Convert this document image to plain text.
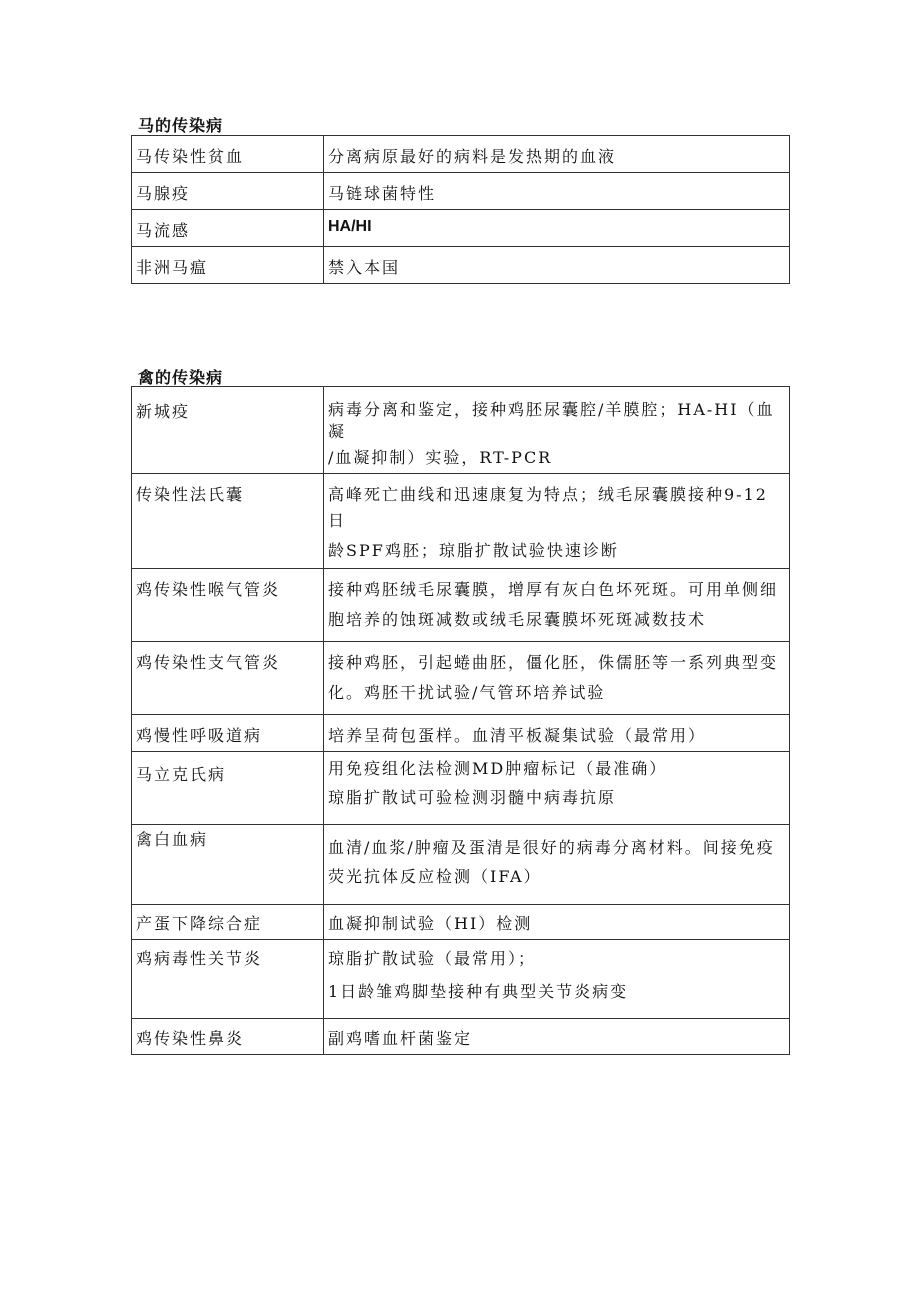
马的传染病
马传染性贫血	分离病原最好的病料是发热期的血液
马腺疫	马链球菌特性
马流感	HA/HI
非洲马瘟	禁入本国
禽的传染病
新城疫	病毒分离和鉴定，接种鸡胚尿囊腔/羊膜腔；HA-HI（血凝
/血凝抑制）实验，RT-PCR

传染性法氏囊	高峰死亡曲线和迅速康复为特点；绒毛尿囊膜接种9-12日
龄SPF鸡胚；琼脂扩散试验快速诊断

鸡传染性喉气管炎	接种鸡胚绒毛尿囊膜，增厚有灰白色坏死斑。可用单侧细
胞培养的蚀斑减数或绒毛尿囊膜坏死斑减数技术

鸡传染性支气管炎	接种鸡胚，引起蜷曲胚，僵化胚，侏儒胚等一系列典型变
化。鸡胚干扰试验/气管环培养试验

鸡慢性呼吸道病	培养呈荷包蛋样。血清平板凝集试验（最常用）
马立克氏病	用免疫组化法检测MD肿瘤标记（最准确）
琼脂扩散试可验检测羽髓中病毒抗原

禽白血病	血清/血浆/肿瘤及蛋清是很好的病毒分离材料。间接免疫
荧光抗体反应检测（IFA）

产蛋下降综合症	血凝抑制试验（HI）检测
鸡病毒性关节炎	琼脂扩散试验（最常用）；
1日龄雏鸡脚垫接种有典型关节炎病变

鸡传染性鼻炎	副鸡嗜血杆菌鉴定
